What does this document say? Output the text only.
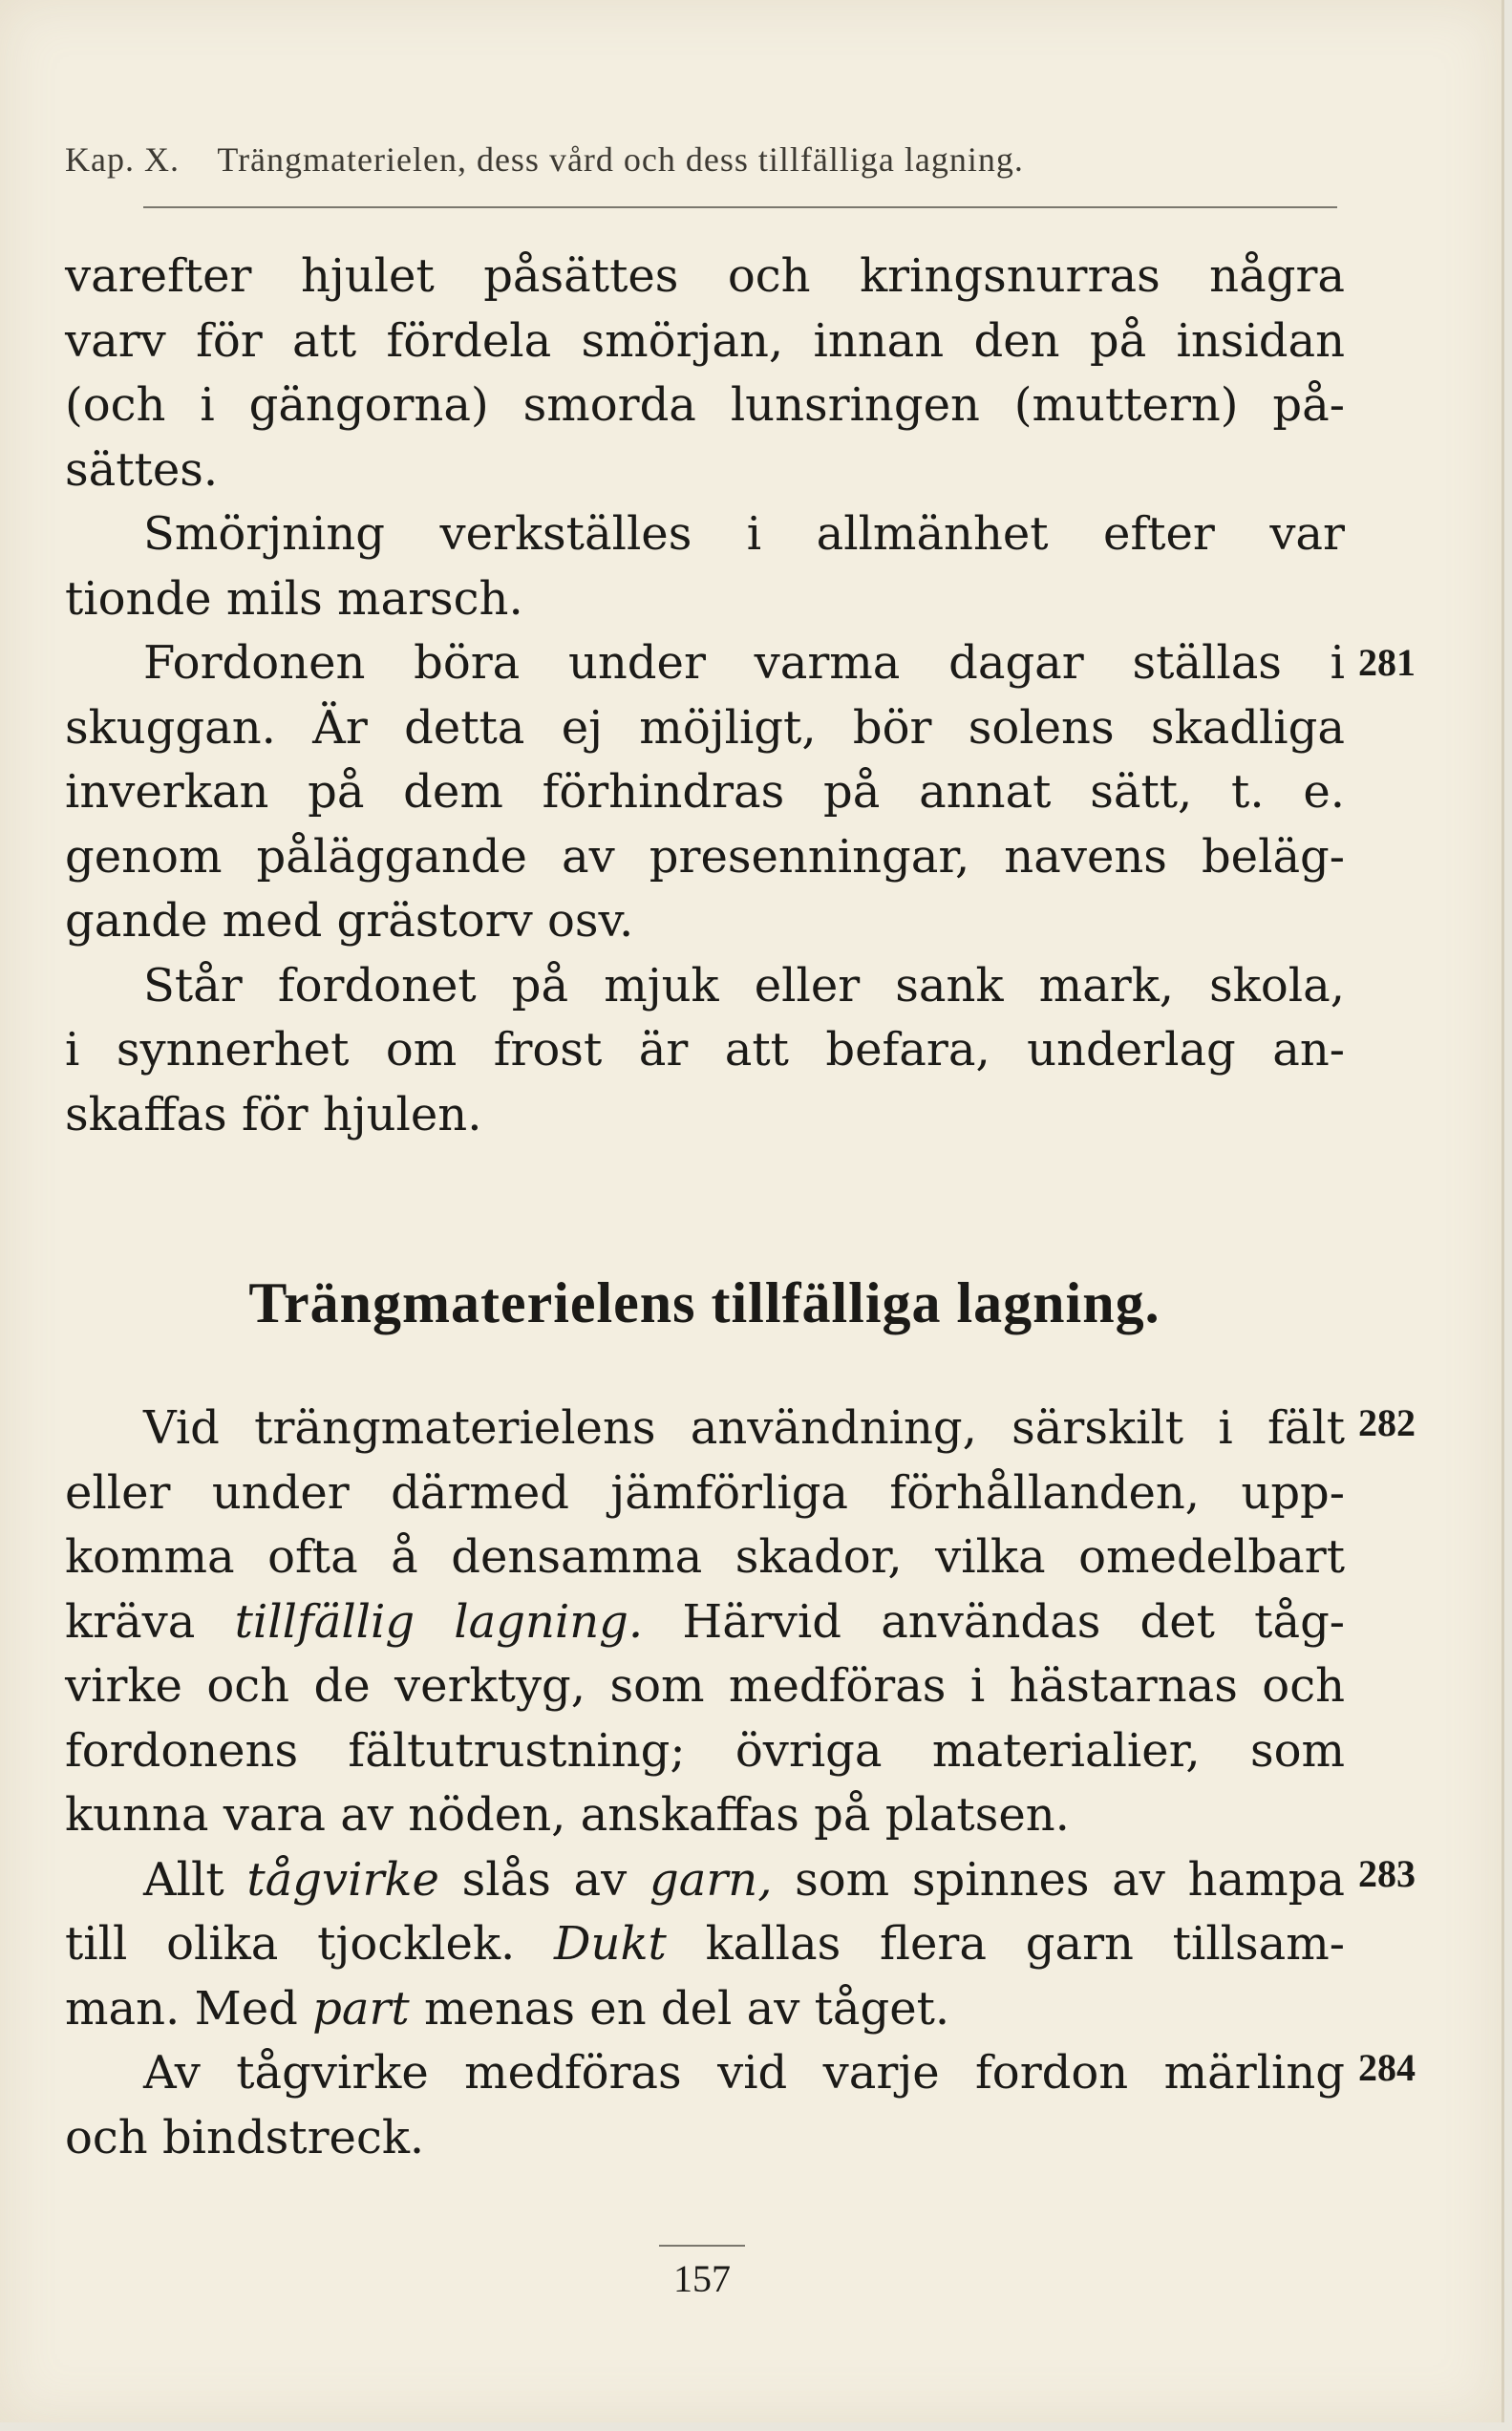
Kap. X. Trängmaterielen, dess vård och dess tillfälliga lagning.
varefter hjulet påsättes och kringsnurras några
varv för att fördela smörjan, innan den på insidan
(och i gängorna) smorda lunsringen (muttern) på-
sättes.
Smörjning verkställes i allmänhet efter var
tionde mils marsch.
Fordonen böra under varma dagar ställas i
skuggan. Är detta ej möjligt, bör solens skadliga
inverkan på dem förhindras på annat sätt, t. e.
genom påläggande av presenningar, navens beläg-
gande med grästorv osv.
Står fordonet på mjuk eller sank mark, skola,
i synnerhet om frost är att befara, underlag an-
skaffas för hjulen.
281
Trängmaterielens tillfälliga lagning.
Vid trängmaterielens användning, särskilt i fält
eller under därmed jämförliga förhållanden, upp-
komma ofta å densamma skador, vilka omedelbart
kräva tillfällig lagning. Härvid användas det tåg-
virke och de verktyg, som medföras i hästarnas och
fordonens fältutrustning; övriga materialier, som
kunna vara av nöden, anskaffas på platsen.
Allt tågvirke slås av garn, som spinnes av hampa
till olika tjocklek. Dukt kallas flera garn tillsam-
man. Med part menas en del av tåget.
Av tågvirke medföras vid varje fordon märling
och bindstreck.
282
283
284
157
